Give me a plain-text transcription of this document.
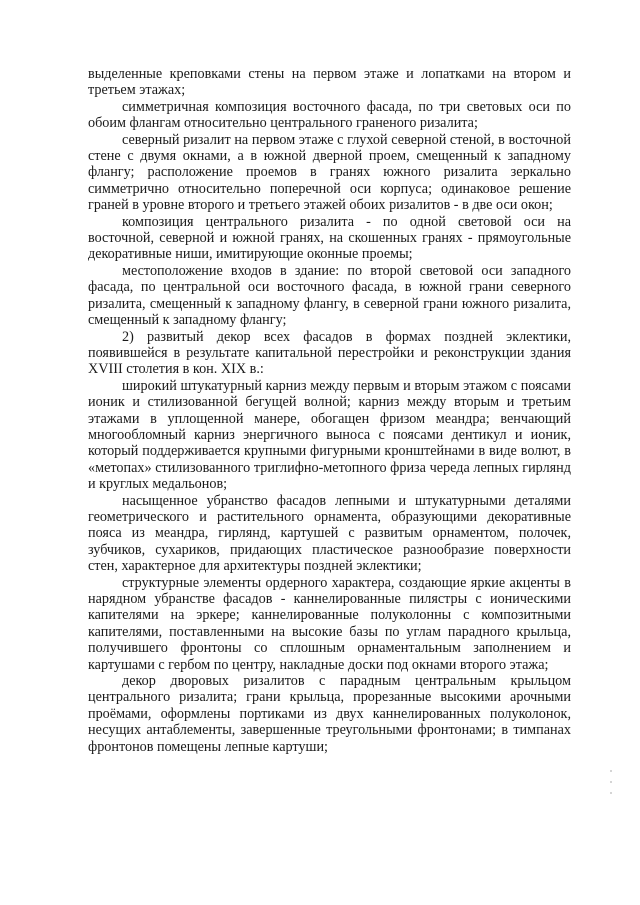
выделенные креповками стены на первом этаже и лопатками на втором и третьем этажах;

симметричная композиция восточного фасада, по три световых оси по обоим флангам относительно центрального граненого ризалита;

северный ризалит на первом этаже с глухой северной стеной, в восточной стене с двумя окнами, а в южной дверной проем, смещенный к западному флангу; расположение проемов в гранях южного ризалита зеркально симметрично относительно поперечной оси корпуса; одинаковое решение граней в уровне второго и третьего этажей обоих ризалитов - в две оси окон;

композиция центрального ризалита - по одной световой оси на восточной, северной и южной гранях, на скошенных гранях - прямоугольные декоративные ниши, имитирующие оконные проемы;

местоположение входов в здание: по второй световой оси западного фасада, по центральной оси восточного фасада, в южной грани северного ризалита, смещенный к западному флангу, в северной грани южного ризалита, смещенный к западному флангу;

2) развитый декор всех фасадов в формах поздней эклектики, появившейся в результате капитальной перестройки и реконструкции здания XVIII столетия в кон. XIX в.:

широкий штукатурный карниз между первым и вторым этажом с поясами ионик и стилизованной бегущей волной; карниз между вторым и третьим этажами в уплощенной манере, обогащен фризом меандра; венчающий многообломный карниз энергичного выноса с поясами дентикул и ионик, который поддерживается крупными фигурными кронштейнами в виде волют, в «метопах» стилизованного триглифно-метопного фриза череда лепных гирлянд и круглых медальонов;

насыщенное убранство фасадов лепными и штукатурными деталями геометрического и растительного орнамента, образующими декоративные пояса из меандра, гирлянд, картушей с развитым орнаментом, полочек, зубчиков, сухариков, придающих пластическое разнообразие поверхности стен, характерное для архитектуры поздней эклектики;

структурные элементы ордерного характера, создающие яркие акценты в нарядном убранстве фасадов - каннелированные пилястры с ионическими капителями на эркере; каннелированные полуколонны с композитными капителями, поставленными на высокие базы по углам парадного крыльца, получившего фронтоны со сплошным орнаментальным заполнением и картушами с гербом по центру, накладные доски под окнами второго этажа;

декор дворовых ризалитов с парадным центральным крыльцом центрального ризалита; грани крыльца, прорезанные высокими арочными проёмами, оформлены портиками из двух каннелированных полуколонок, несущих антаблементы, завершенные треугольными фронтонами; в тимпанах фронтонов помещены лепные картуши;
